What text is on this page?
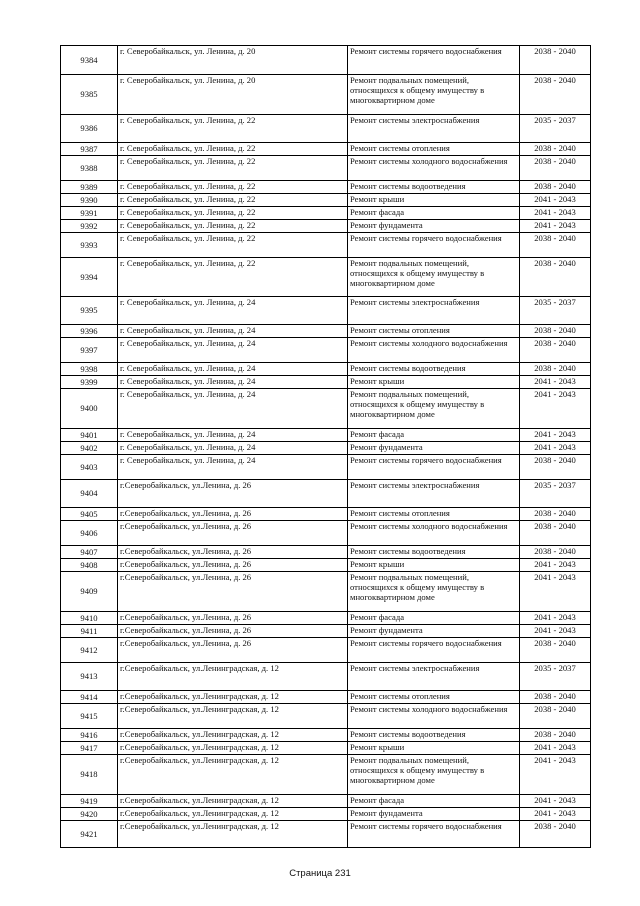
9384	г. Северобайкальск, ул. Ленина, д. 20	Ремонт системы горячего водоснабжения	2038 - 2040
9385	г. Северобайкальск, ул. Ленина, д. 20	Ремонт подвальных помещений, относящихся к общему имуществу в многоквартирном доме	2038 - 2040
9386	г. Северобайкальск, ул. Ленина, д. 22	Ремонт системы электроснабжения	2035 - 2037
9387	г. Северобайкальск, ул. Ленина, д. 22	Ремонт системы отопления	2038 - 2040
9388	г. Северобайкальск, ул. Ленина, д. 22	Ремонт системы холодного водоснабжения	2038 - 2040
9389	г. Северобайкальск, ул. Ленина, д. 22	Ремонт системы водоотведения	2038 - 2040
9390	г. Северобайкальск, ул. Ленина, д. 22	Ремонт крыши	2041 - 2043
9391	г. Северобайкальск, ул. Ленина, д. 22	Ремонт фасада	2041 - 2043
9392	г. Северобайкальск, ул. Ленина, д. 22	Ремонт фундамента	2041 - 2043
9393	г. Северобайкальск, ул. Ленина, д. 22	Ремонт системы горячего водоснабжения	2038 - 2040
9394	г. Северобайкальск, ул. Ленина, д. 22	Ремонт подвальных помещений, относящихся к общему имуществу в многоквартирном доме	2038 - 2040
9395	г. Северобайкальск, ул. Ленина, д. 24	Ремонт системы электроснабжения	2035 - 2037
9396	г. Северобайкальск, ул. Ленина, д. 24	Ремонт системы отопления	2038 - 2040
9397	г. Северобайкальск, ул. Ленина, д. 24	Ремонт системы холодного водоснабжения	2038 - 2040
9398	г. Северобайкальск, ул. Ленина, д. 24	Ремонт системы водоотведения	2038 - 2040
9399	г. Северобайкальск, ул. Ленина, д. 24	Ремонт крыши	2041 - 2043
9400	г. Северобайкальск, ул. Ленина, д. 24	Ремонт подвальных помещений, относящихся к общему имуществу в многоквартирном доме	2041 - 2043
9401	г. Северобайкальск, ул. Ленина, д. 24	Ремонт фасада	2041 - 2043
9402	г. Северобайкальск, ул. Ленина, д. 24	Ремонт фундамента	2041 - 2043
9403	г. Северобайкальск, ул. Ленина, д. 24	Ремонт системы горячего водоснабжения	2038 - 2040
9404	г.Северобайкальск, ул.Ленина, д. 26	Ремонт системы электроснабжения	2035 - 2037
9405	г.Северобайкальск, ул.Ленина, д. 26	Ремонт системы отопления	2038 - 2040
9406	г.Северобайкальск, ул.Ленина, д. 26	Ремонт системы холодного водоснабжения	2038 - 2040
9407	г.Северобайкальск, ул.Ленина, д. 26	Ремонт системы водоотведения	2038 - 2040
9408	г.Северобайкальск, ул.Ленина, д. 26	Ремонт крыши	2041 - 2043
9409	г.Северобайкальск, ул.Ленина, д. 26	Ремонт подвальных помещений, относящихся к общему имуществу в многоквартирном доме	2041 - 2043
9410	г.Северобайкальск, ул.Ленина, д. 26	Ремонт фасада	2041 - 2043
9411	г.Северобайкальск, ул.Ленина, д. 26	Ремонт фундамента	2041 - 2043
9412	г.Северобайкальск, ул.Ленина, д. 26	Ремонт системы горячего водоснабжения	2038 - 2040
9413	г.Северобайкальск, ул.Ленинградская, д. 12	Ремонт системы электроснабжения	2035 - 2037
9414	г.Северобайкальск, ул.Ленинградская, д. 12	Ремонт системы отопления	2038 - 2040
9415	г.Северобайкальск, ул.Ленинградская, д. 12	Ремонт системы холодного водоснабжения	2038 - 2040
9416	г.Северобайкальск, ул.Ленинградская, д. 12	Ремонт системы водоотведения	2038 - 2040
9417	г.Северобайкальск, ул.Ленинградская, д. 12	Ремонт крыши	2041 - 2043
9418	г.Северобайкальск, ул.Ленинградская, д. 12	Ремонт подвальных помещений, относящихся к общему имуществу в многоквартирном доме	2041 - 2043
9419	г.Северобайкальск, ул.Ленинградская, д. 12	Ремонт фасада	2041 - 2043
9420	г.Северобайкальск, ул.Ленинградская, д. 12	Ремонт фундамента	2041 - 2043
9421	г.Северобайкальск, ул.Ленинградская, д. 12	Ремонт системы горячего водоснабжения	2038 - 2040
Страница 231
